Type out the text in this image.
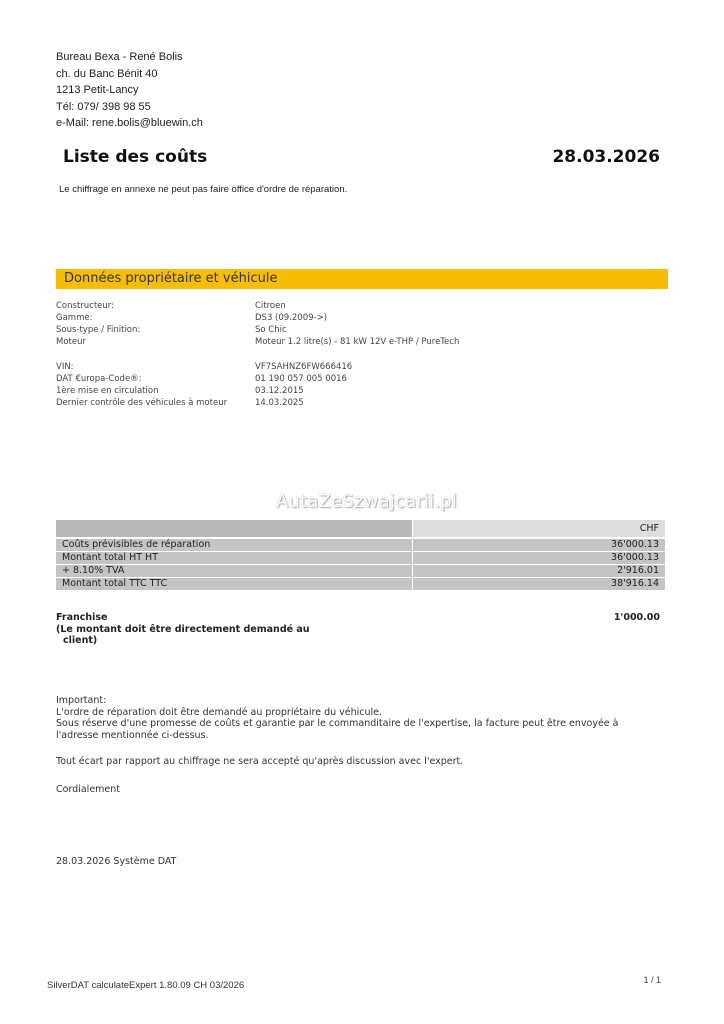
Bureau Bexa - René Bolis
ch. du Banc Bénit 40
1213 Petit-Lancy
Tél: 079/ 398 98 55
e-Mail: rene.bolis@bluewin.ch
Liste des coûts	28.03.2026
Le chiffrage en annexe ne peut pas faire office d'ordre de réparation.
Données propriétaire et véhicule
Constructeur:	Citroen
Gamme:	DS3 (09.2009->)
Sous-type / Finition:	So Chic
Moteur	Moteur 1.2 litre(s) - 81 kW 12V e-THP / PureTech
VIN:	VF7SAHNZ6FW666416
DAT €uropa-Code®:	01 190 057 005 0016
1ère mise en circulation	03.12.2015
Dernier contrôle des véhicules à moteur	14.03.2025
AutaZeSzwajcarii.pl
	CHF

Coûts prévisibles de réparation	36'000.13
Montant total HT HT	36'000.13
+ 8.10% TVA	2'916.01
Montant total TTC TTC	38'916.14
Franchise
(Le montant doit être directement demandé au
client)
1'000.00
Important:
L'ordre de réparation doit être demandé au propriétaire du véhicule.
Sous réserve d'une promesse de coûts et garantie par le commanditaire de l'expertise, la facture peut être envoyée à
l'adresse mentionnée ci-dessus.
Tout écart par rapport au chiffrage ne sera accepté qu'après discussion avec l'expert.
Cordialement
28.03.2026 Système DAT
1 / 1
SilverDAT calculateExpert 1.80.09 CH 03/2026
